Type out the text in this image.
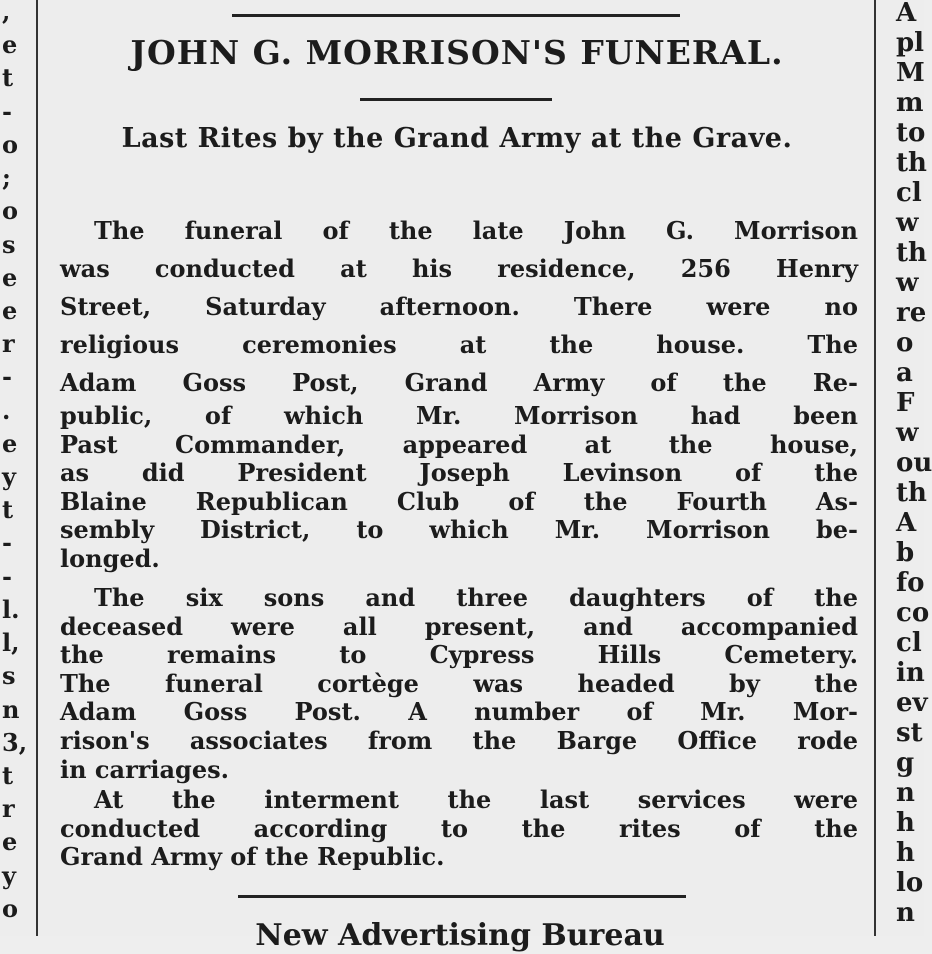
,
e
t
-
o
;
o
s
e
e
r
-
.
e
y
t
-
-
l.
l,
s
n
3,
t
r
e
y
o
JOHN G. MORRISON'S FUNERAL.
Last Rites by the Grand Army at the Grave.
The funeral of the late John G. Morrison
was conducted at his residence, 256 Henry
Street, Saturday afternoon. There were no
religious ceremonies at the house. The
Adam Goss Post, Grand Army of the Re-
public, of which Mr. Morrison had been
Past Commander, appeared at the house,
as did President Joseph Levinson of the
Blaine Republican Club of the Fourth As-
sembly District, to which Mr. Morrison be-
longed.
The six sons and three daughters of the
deceased were all present, and accompanied
the remains to Cypress Hills Cemetery.
The funeral cortège was headed by the
Adam Goss Post. A number of Mr. Mor-
rison's associates from the Barge Office rode
in carriages.
At the interment the last services were
conducted according to the rites of the
Grand Army of the Republic.
New Advertising Bureau
A
pl
M
m
to
th
cl
w
th
w
re
o
a
F
w
ou
th
A
b
fo
co
cl
in
ev
st
g
n
h
h
lo
n
